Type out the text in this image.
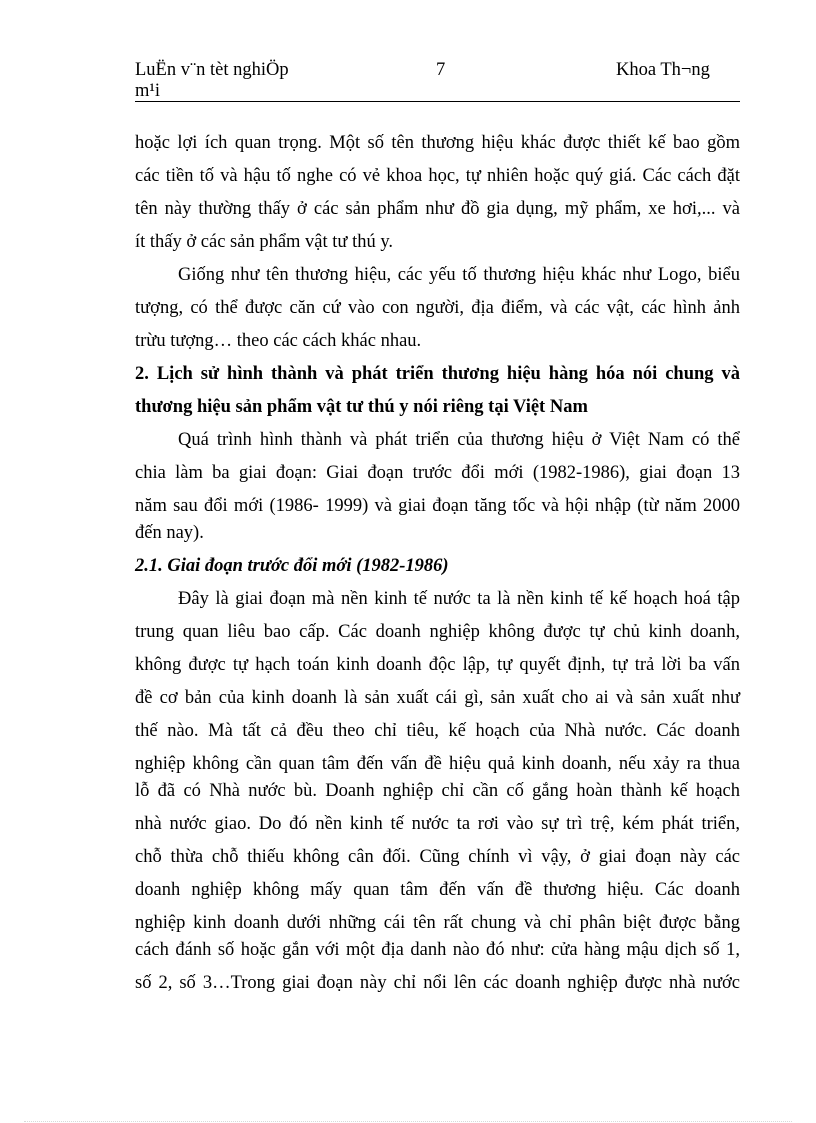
LuËn v¨n tèt nghiÖp
m¹i
7	Khoa Th¬ng
hoặc lợi ích quan trọng. Một số tên thương hiệu khác được thiết kế bao gồm
các tiền tố và hậu tố nghe có vẻ khoa học, tự nhiên hoặc quý giá. Các cách đặt
tên này thường thấy ở các sản phẩm như đồ gia dụng, mỹ phẩm, xe hơi,... và
ít thấy ở các sản phẩm vật tư thú y.
Giống như tên thương hiệu, các yếu tố thương hiệu khác như Logo, biểu
tượng, có thể được căn cứ vào con người, địa điểm, và các vật, các hình ảnh
trừu tượng… theo các cách khác nhau.
2. Lịch sử hình thành và phát triển thương hiệu hàng hóa nói chung và
thương hiệu sản phẩm vật tư thú y nói riêng tại Việt Nam
Quá trình hình thành và phát triển của thương hiệu ở Việt Nam có thể
chia làm ba giai đoạn: Giai đoạn trước đổi mới (1982-1986), giai đoạn 13
năm sau đổi mới (1986- 1999) và giai đoạn tăng tốc và hội nhập (từ năm 2000
đến nay).
2.1. Giai đoạn trước đổi mới (1982-1986)
Đây là giai đoạn mà nền kinh tế nước ta là nền kinh tế kế hoạch hoá tập
trung quan liêu bao cấp. Các doanh nghiệp không được tự chủ kinh doanh,
không được tự hạch toán kinh doanh độc lập, tự quyết định, tự trả lời ba vấn
đề cơ bản của kinh doanh là sản xuất cái gì, sản xuất cho ai và sản xuất như
thế nào. Mà tất cả đều theo chỉ tiêu, kế hoạch của Nhà nước. Các doanh
nghiệp không cần quan tâm đến vấn đề hiệu quả kinh doanh, nếu xảy ra thua
lỗ đã có Nhà nước bù. Doanh nghiệp chỉ cần cố gắng hoàn thành kế hoạch
nhà nước giao. Do đó nền kinh tế nước ta rơi vào sự trì trệ, kém phát triển,
chỗ thừa chỗ thiếu không cân đối. Cũng chính vì vậy, ở giai đoạn này các
doanh nghiệp không mấy quan tâm đến vấn đề thương hiệu. Các doanh
nghiệp kinh doanh dưới những cái tên rất chung và chỉ phân biệt được bằng
cách đánh số hoặc gắn với một địa danh nào đó như: cửa hàng mậu dịch số 1,
số 2, số 3…Trong giai đoạn này chỉ nổi lên các doanh nghiệp được nhà nước
